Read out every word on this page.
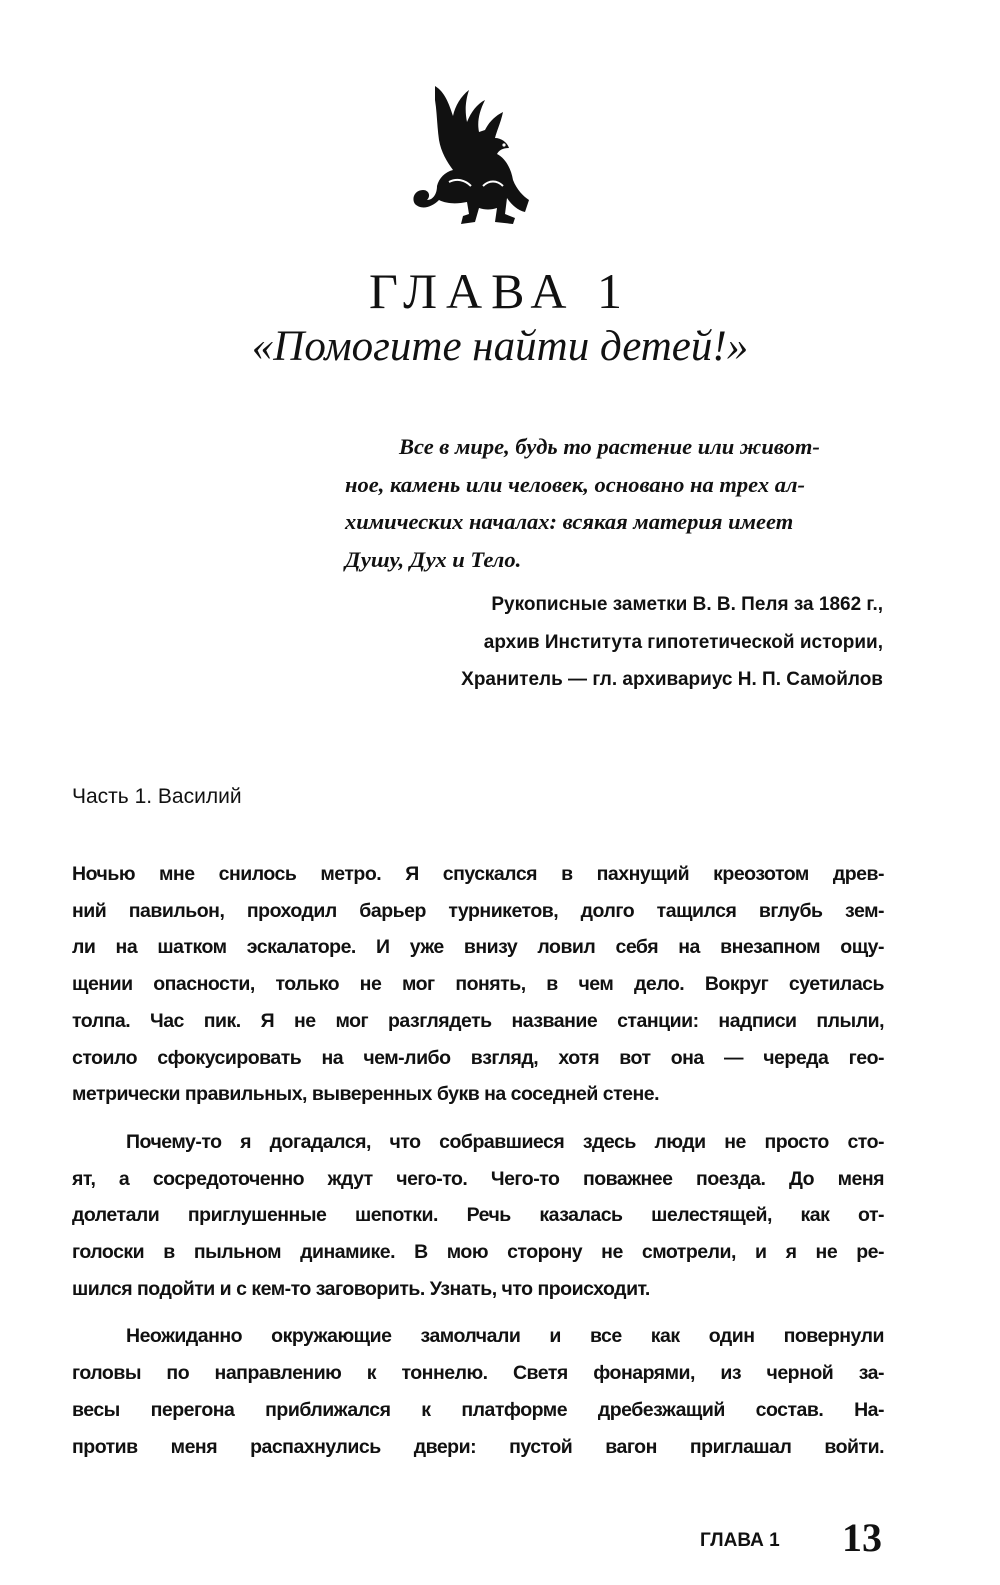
ГЛАВА 1
«Помогите найти детей!»
Все в мире, будь то растение или живот-
ное, камень или человек, основано на трех ал-
химических началах: всякая материя имеет
Душу, Дух и Тело.
Рукописные заметки В. В. Пеля за 1862 г.,
архив Института гипотетической истории,
Хранитель — гл. архивариус Н. П. Самойлов
Часть 1. Василий
Ночью мне снилось метро. Я спускался в пахнущий креозотом древ-
ний павильон, проходил барьер турникетов, долго тащился вглубь зем-
ли на шатком эскалаторе. И уже внизу ловил себя на внезапном ощу-
щении опасности, только не мог понять, в чем дело. Вокруг суетилась
толпа. Час пик. Я не мог разглядеть название станции: надписи плыли,
стоило сфокусировать на чем-либо взгляд, хотя вот она — череда гео-
метрически правильных, выверенных букв на соседней стене.
Почему-то я догадался, что собравшиеся здесь люди не просто сто-
ят, а сосредоточенно ждут чего-то. Чего-то поважнее поезда. До меня
долетали приглушенные шепотки. Речь казалась шелестящей, как от-
голоски в пыльном динамике. В мою сторону не смотрели, и я не ре-
шился подойти и с кем-то заговорить. Узнать, что происходит.
Неожиданно окружающие замолчали и все как один повернули
головы по направлению к тоннелю. Светя фонарями, из черной за-
весы перегона приближался к платформе дребезжащий состав. На-
против меня распахнулись двери: пустой вагон приглашал войти.
ГЛАВА 1 13
